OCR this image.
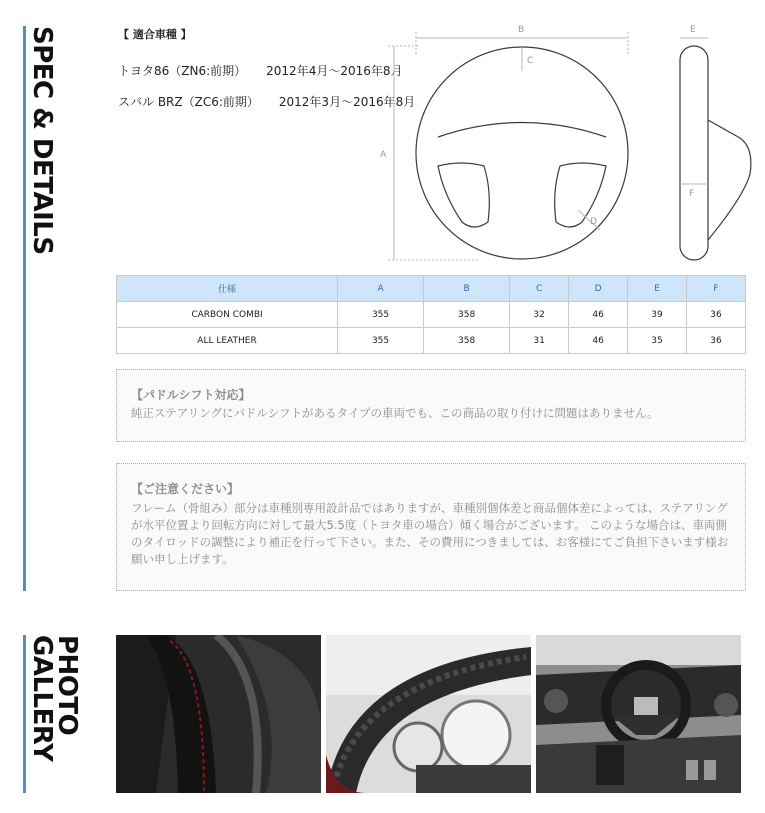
SPEC & DETAILS	【 適合車種 】
トヨタ86（ZN6:前期） 2012年4月～2016年8月
スバル BRZ（ZC6:前期） 2012年3月～2016年8月
B
A
C
D
E
F
仕様	A	B	C	D	E	F
CARBON COMBI	355	358	32	46	39	36
ALL LEATHER	355	358	31	46	35	36
【パドルシフト対応】
純正ステアリングにパドルシフトがあるタイプの車両でも、この商品の取り付けに問題はありません。
【ご注意ください】
フレーム（骨組み）部分は車種別専用設計品ではありますが、車種別個体差と商品個体差によっては、ステアリングが水平位置より回転方向に対して最大5.5度（トヨタ車の場合）傾く場合がございます。 このような場合は、車両側のタイロッドの調整により補正を行って下さい。また、その費用につきましては、お客様にてご負担下さいます様お願い申し上げます。
PHOTO GALLERY
